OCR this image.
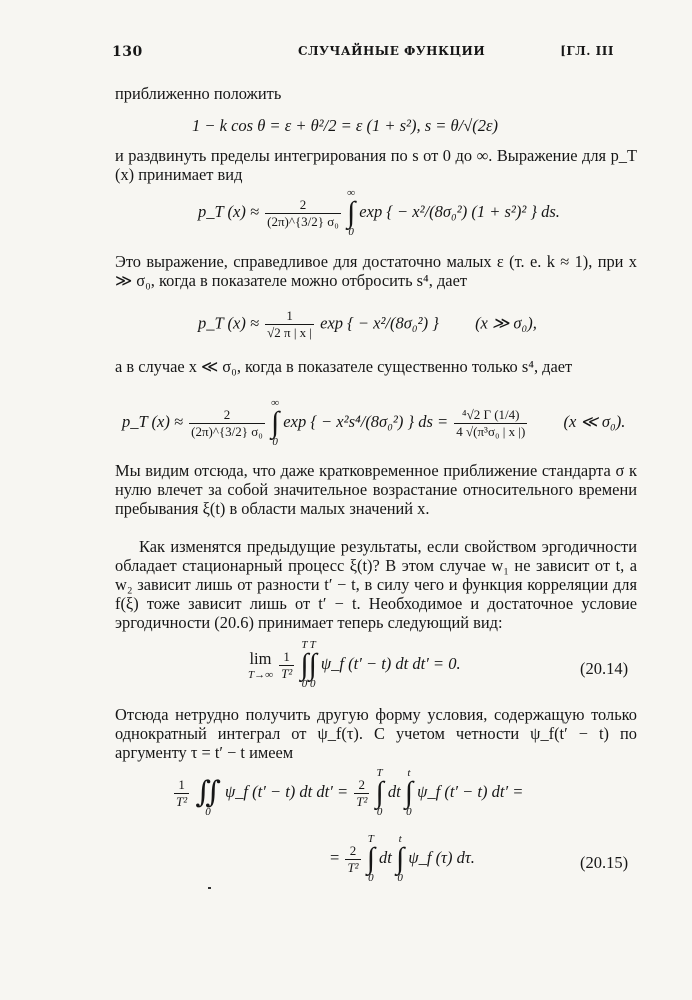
130	СЛУЧАЙНЫЕ ФУНКЦИИ	[ГЛ. III
приближенно положить
1 − k cos θ = ε + θ²/2 = ε (1 + s²), s = θ/√(2ε)
и раздвинуть пределы интегрирования по s от 0 до ∞. Выражение для p_T (x) принимает вид
p_T $(x) \approx \frac{2}{\text{(2π)\textasciicircum{}\{3/2\} σ₀}}$

∞
∫
0
exp { − x²/(8σ₀²) (1 + s²)² } ds.
Это выражение, справедливое для достаточно малых ε (т. е. k ≈ 1), при x ≫ σ₀, когда в показателе можно отбросить s⁴, дает
p_T $(x) \approx \frac{1}{√2 \pi | x |}$ exp { − x²/(8σ₀²) } (x ≫ σ₀),
а в случае x ≪ σ₀, когда в показателе существенно только s⁴, дает
p_T $(x) \approx \frac{2}{\text{(2π)\textasciicircum{}\{3/2\} σ₀}}$

∞
∫
0
exp { − x²s⁴/(8σ₀²) } ds = $\frac{\text{⁴√2 Γ (1/4)}}{\text{4 √(π³σ₀ | x |)}} (x$ ≪ σ₀).
Мы видим отсюда, что даже кратковременное приближение стандарта σ к нулю влечет за собой значительное возрастание относительного времени пребывания ξ(t) в области малых значений x.
Как изменятся предыдущие результаты, если свойством эргодичности обладает стационарный процесс ξ(t)? В этом случае w₁ не зависит от t, а w₂ зависит лишь от разности t′ − t, в силу чего и функция корреляции для f(ξ) тоже зависит лишь от t′ − t. Необходимое и достаточное условие эргодичности (20.6) принимает теперь следующий вид:
lim
T→∞
$\frac{1}{\text{T²}}$

T
∫
0
T
∫
0
ψ_f (t′ − t) dt dt′ = 0.	(20.14)
Отсюда нетрудно получить другую форму условия, содержащую только однократный интеграл от ψ_f(τ). С учетом четности ψ_f(t′ − t) по аргументу τ = t′ − t имеем
$\frac{1}{\text{T²}}$

∬
0
ψ_f (t′ − t) dt $dt' = \frac{2}{\text{T²}}$

T
∫
0
dt
t
∫
0
ψ_f (t′ − t) dt′ =
= $\frac{2}{\text{T²}}$

T
∫
0
dt
t
∫
0
ψ_f (τ) dτ.	(20.15)
